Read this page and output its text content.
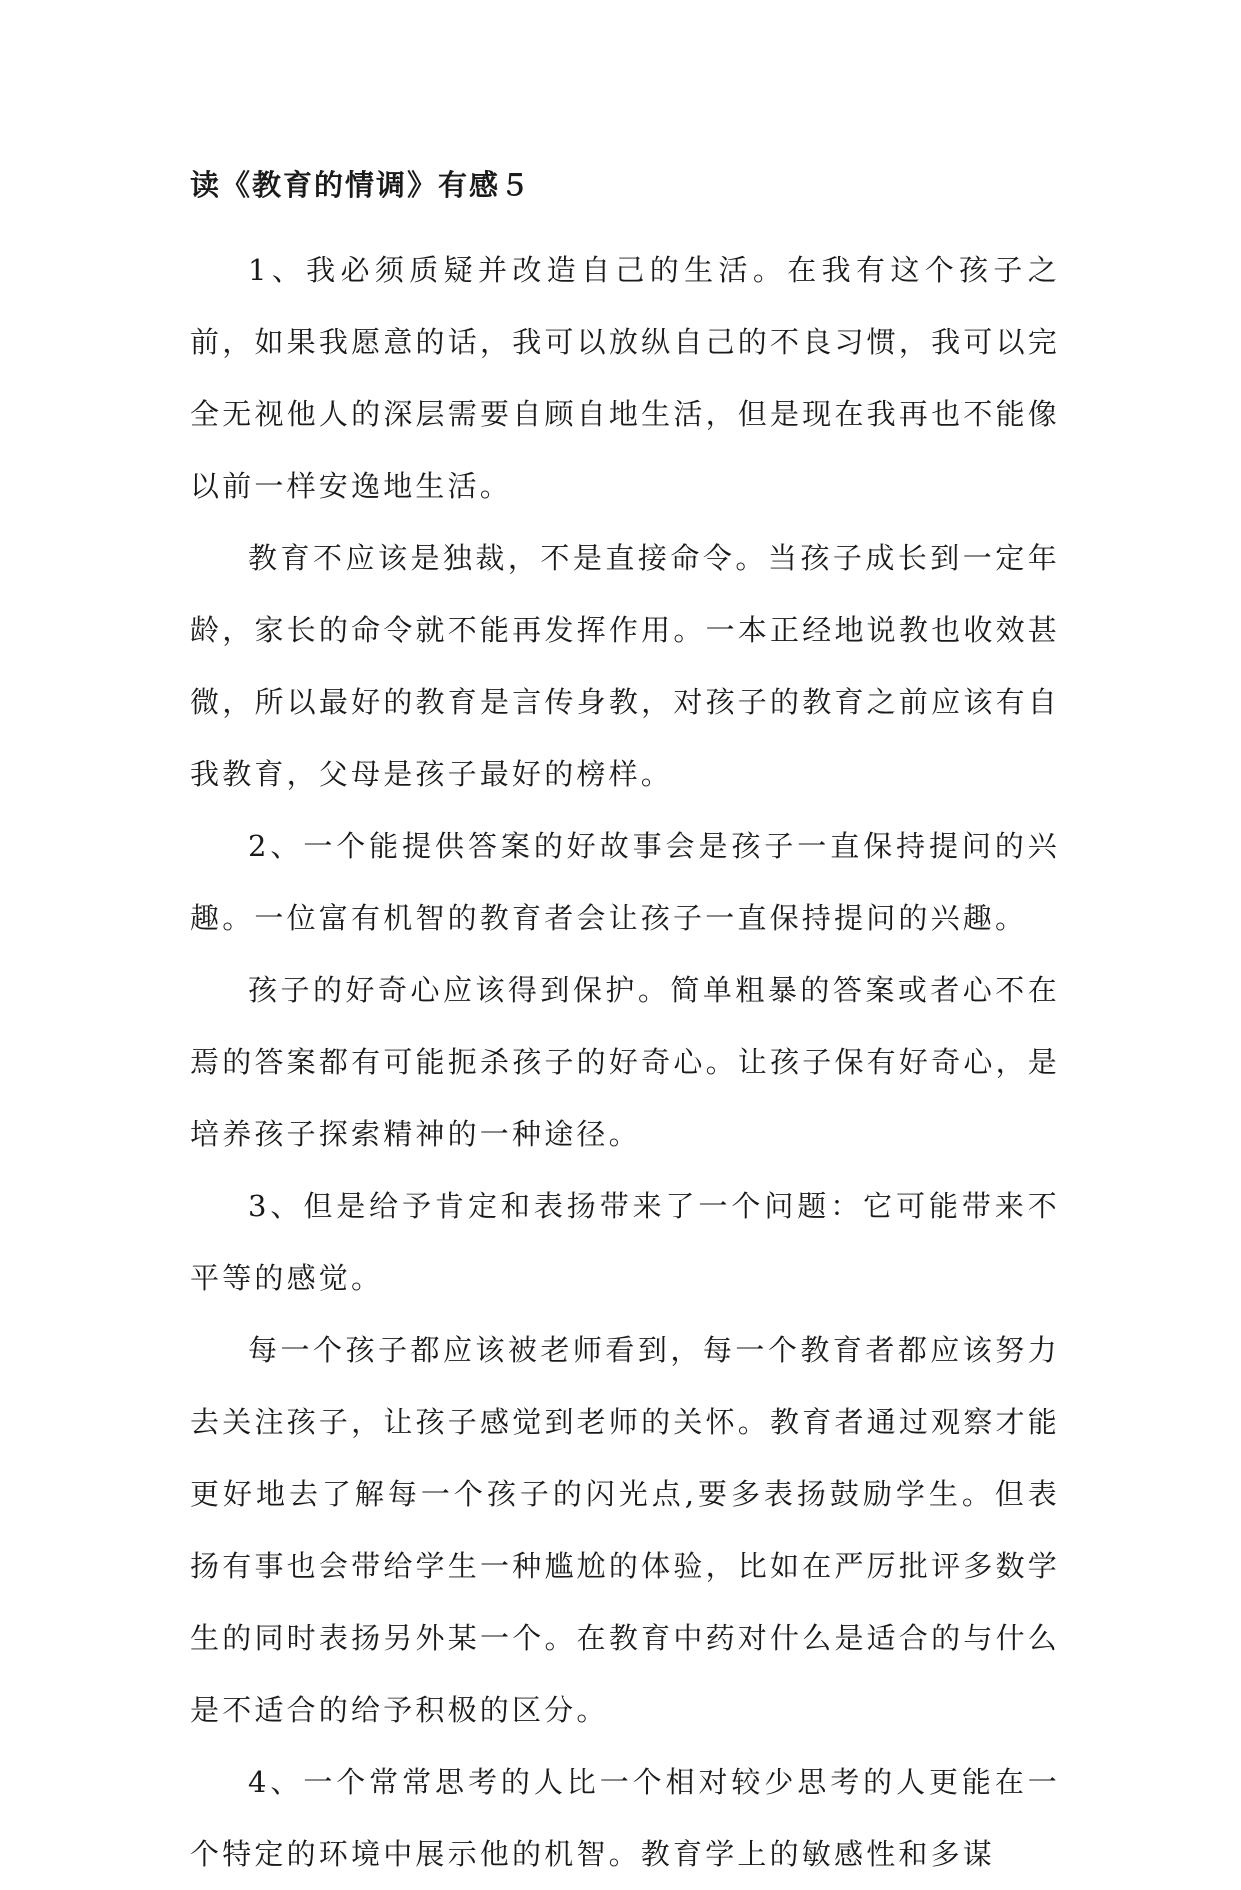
读《教育的情调》有感５

1、我必须质疑并改造自己的生活。在我有这个孩子之前，如果我愿意的话，我可以放纵自己的不良习惯，我可以完全无视他人的深层需要自顾自地生活，但是现在我再也不能像以前一样安逸地生活。

教育不应该是独裁，不是直接命令。当孩子成长到一定年龄，家长的命令就不能再发挥作用。一本正经地说教也收效甚微，所以最好的教育是言传身教，对孩子的教育之前应该有自我教育，父母是孩子最好的榜样。

2、一个能提供答案的好故事会是孩子一直保持提问的兴趣。一位富有机智的教育者会让孩子一直保持提问的兴趣。

孩子的好奇心应该得到保护。简单粗暴的答案或者心不在焉的答案都有可能扼杀孩子的好奇心。让孩子保有好奇心，是培养孩子探索精神的一种途径。

3、但是给予肯定和表扬带来了一个问题：它可能带来不平等的感觉。

每一个孩子都应该被老师看到，每一个教育者都应该努力去关注孩子，让孩子感觉到老师的关怀。教育者通过观察才能更好地去了解每一个孩子的闪光点,要多表扬鼓励学生。但表扬有事也会带给学生一种尴尬的体验，比如在严厉批评多数学生的同时表扬另外某一个。在教育中药对什么是适合的与什么是不适合的给予积极的区分。

4、一个常常思考的人比一个相对较少思考的人更能在一个特定的环境中展示他的机智。教育学上的敏感性和多谋
